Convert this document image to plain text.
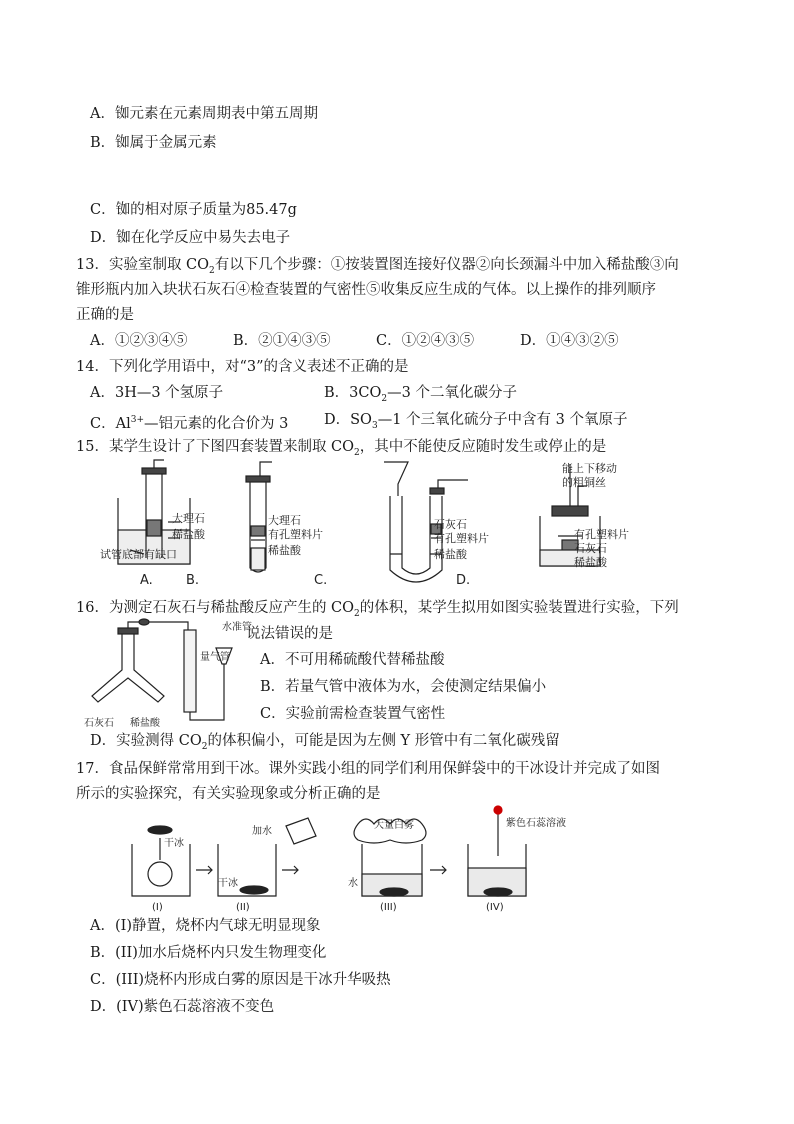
A．铷元素在元素周期表中第五周期
B．铷属于金属元素
C．铷的相对原子质量为85.47g
D．铷在化学反应中易失去电子
13．实验室制取 $CO_2$有以下几个步骤：①按装置图连接好仪器②向长颈漏斗中加入稀盐酸③向
锥形瓶内加入块状石灰石④检查装置的气密性⑤收集反应生成的气体。以上操作的排列顺序
正确的是
A．①②③④⑤	B．②①④③⑤	C．①②④③⑤	D．①④③②⑤
14．下列化学用语中，对“3”的含义表述不正确的是
A．3H—3 个氢原子	B．$3CO_2—3$ 个二氧化碳分子
C．$Al^{3+}—$铝元素的化合价为 3 D．$SO_3—1$ 个三氧化硫分子中含有 3 个氧原子
15．某学生设计了下图四套装置来制取 $CO_2$，其中不能使反应随时发生或停止的是
大理石
稀盐酸
试管底部有缺口
大理石
有孔塑料片
稀盐酸
石灰石
有孔塑料片
稀盐酸
能上下移动
的粗铜丝
有孔塑料片
石灰石
稀盐酸
A.	B.	C.	D.
16．为测定石灰石与稀盐酸反应产生的 $CO_2$的体积，某学生拟用如图实验装置进行实验，下列
水准管
量气管
石灰石 稀盐酸
说法错误的是
A．不可用稀硫酸代替稀盐酸
B．若量气管中液体为水，会使测定结果偏小
C．实验前需检查装置气密性
D．实验测得 $CO_2$的体积偏小，可能是因为左侧 Y 形管中有二氧化碳残留
17．食品保鲜常常用到干冰。课外实践小组的同学们利用保鲜袋中的干冰设计并完成了如图
所示的实验探究，有关实验现象或分析正确的是
干冰
加水
干冰
大量白雾
水
紫色石蕊溶液
(I)	(II)	(III)	(IV)
A．(I)静置，烧杯内气球无明显现象
B．(II)加水后烧杯内只发生物理变化
C．(III)烧杯内形成白雾的原因是干冰升华吸热
D．(IV)紫色石蕊溶液不变色
